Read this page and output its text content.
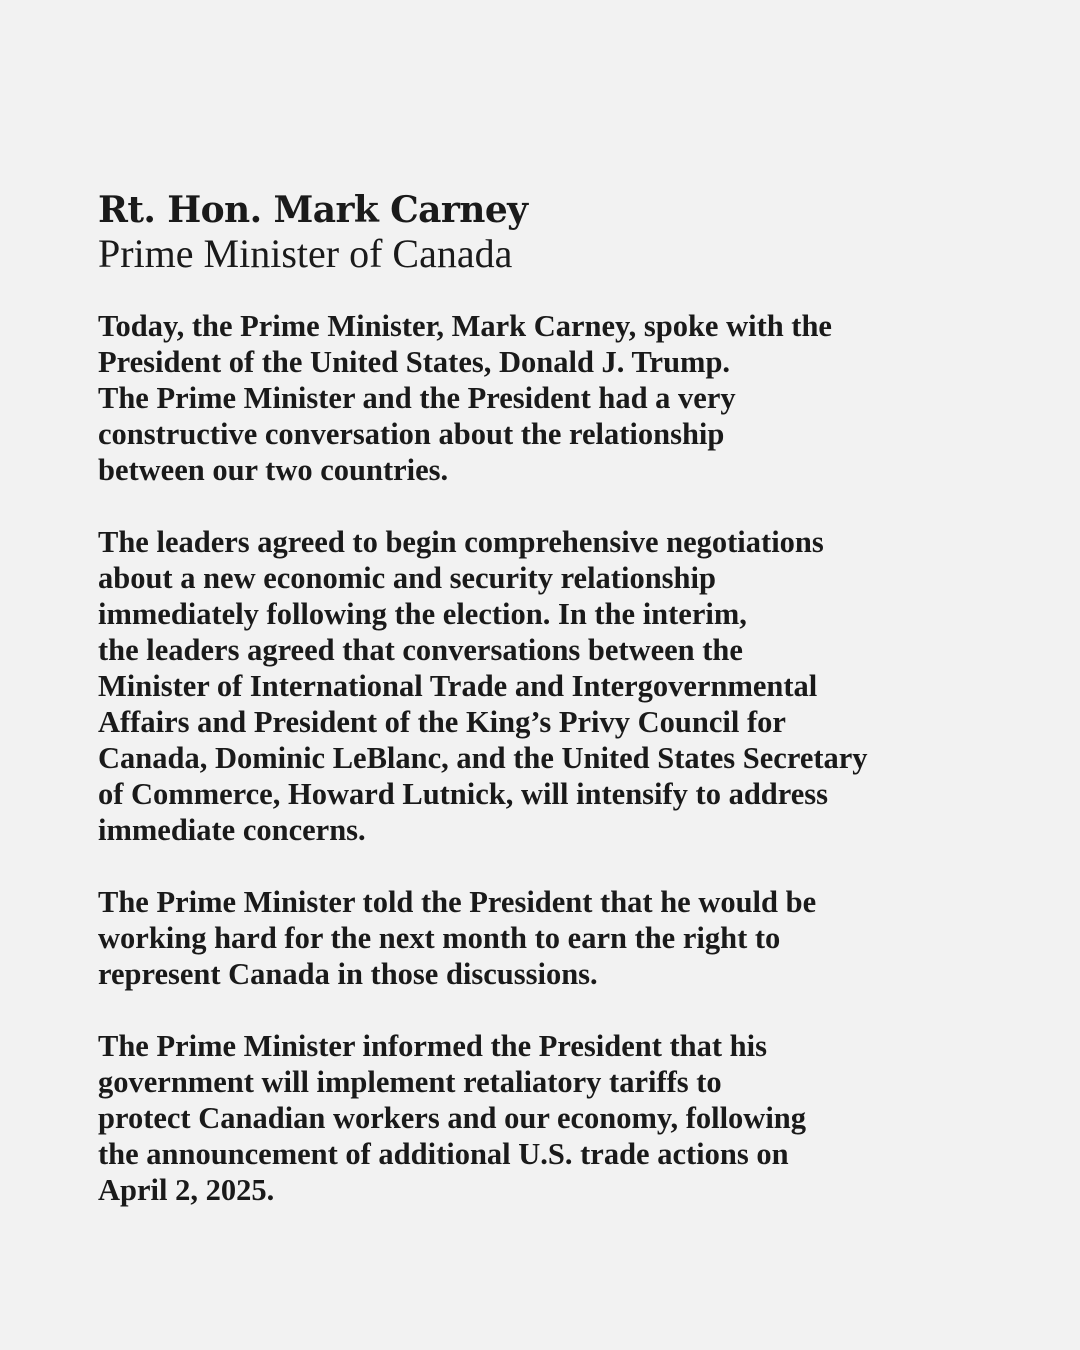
Rt. Hon. Mark Carney
Prime Minister of Canada

Today, the Prime Minister, Mark Carney, spoke with the
President of the United States, Donald J. Trump.
The Prime Minister and the President had a very
constructive conversation about the relationship
between our two countries.

The leaders agreed to begin comprehensive negotiations
about a new economic and security relationship
immediately following the election. In the interim,
the leaders agreed that conversations between the
Minister of International Trade and Intergovernmental
Affairs and President of the King’s Privy Council for
Canada, Dominic LeBlanc, and the United States Secretary
of Commerce, Howard Lutnick, will intensify to address
immediate concerns.

The Prime Minister told the President that he would be
working hard for the next month to earn the right to
represent Canada in those discussions.

The Prime Minister informed the President that his
government will implement retaliatory tariffs to
protect Canadian workers and our economy, following
the announcement of additional U.S. trade actions on
April 2, 2025.
